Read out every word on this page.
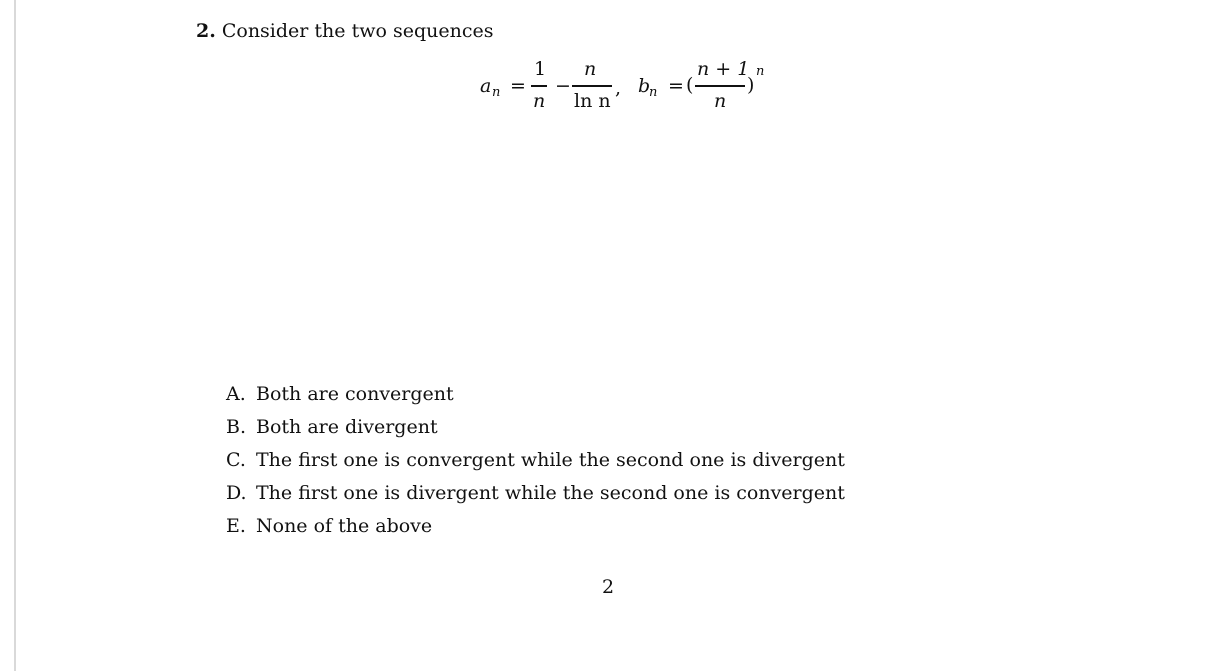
2. Consider the two sequences
a n =
1
n
−
n
ln n
, b
n = (
n + 1
n
)
n
A. Both are convergent
B. Both are divergent
C. The first one is convergent while the second one is divergent
D. The first one is divergent while the second one is convergent
E. None of the above
2
